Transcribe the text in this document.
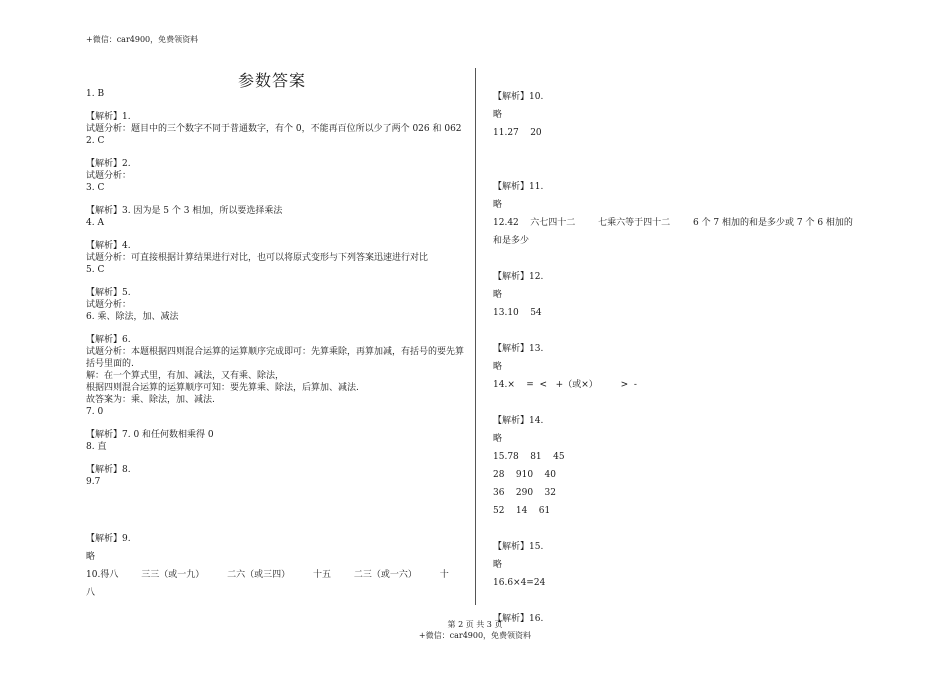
+微信：car4900，免费领资料
参数答案
1. B
【解析】1.
试题分析：题目中的三个数字不同于普通数字，有个 0，不能再百位所以少了两个 026 和 062
2. C
【解析】2.
试题分析：
3. C
【解析】3. 因为是 5 个 3 相加，所以要选择乘法
4. A
【解析】4.
试题分析：可直接根据计算结果进行对比，也可以将原式变形与下列答案迅速进行对比
5. C
【解析】5.
试题分析：
6. 乘、除法，加、减法
【解析】6.
试题分析：本题根据四则混合运算的运算顺序完成即可：先算乘除，再算加减，有括号的要先算括号里面的.
解：在一个算式里，有加、减法，又有乘、除法，
根据四则混合运算的运算顺序可知：要先算乘、除法，后算加、减法.
故答案为：乘、除法，加、减法.
7. 0
【解析】7. 0 和任何数相乘得 0
8. 直
【解析】8.
9.7
【解析】9.
略
10.得八        三三（或一九）        二六（或三四）        十五        二三（或一六）        十
八
【解析】10.
略
11.27    20
【解析】11.
略
12.42    六七四十二        七乘六等于四十二        6 个 7 相加的和是多少或 7 个 6 相加的
和是多少
【解析】12.
略
13.10    54
【解析】13.
略
14.×    =  <   +（或×）        >  -
【解析】14.
略
15.78    81    45
28    910    40
36    290    32
52    14    61
【解析】15.
略
16.6×4=24
【解析】16.
第 2 页 共 3 页
+微信：car4900，免费领资料
